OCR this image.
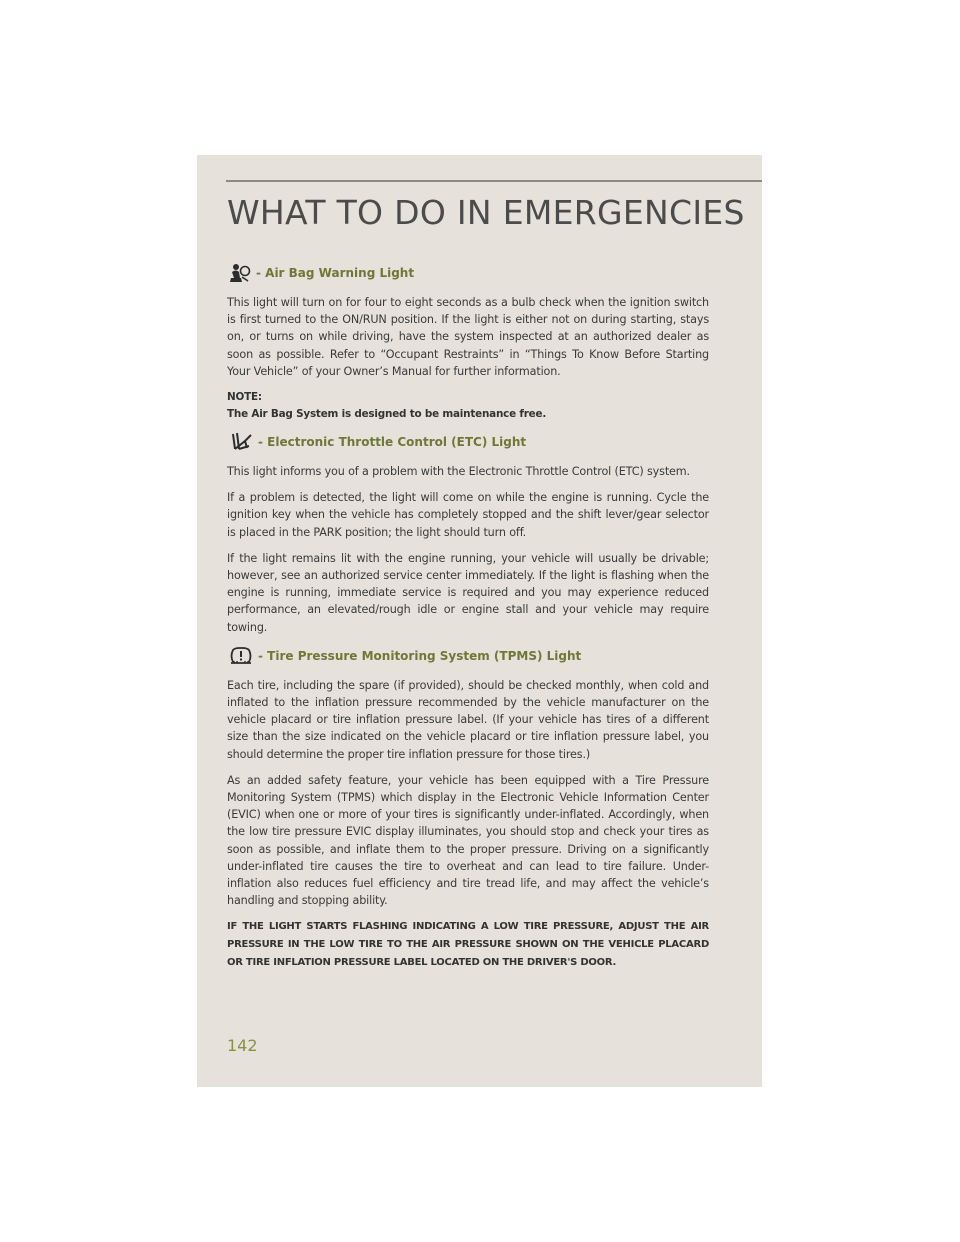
WHAT TO DO IN EMERGENCIES
- Air Bag Warning Light

This light will turn on for four to eight seconds as a bulb check when the ignition switch is first turned to the ON/RUN position. If the light is either not on during starting, stays on, or turns on while driving, have the system inspected at an authorized dealer as soon as possible. Refer to “Occupant Restraints” in “Things To Know Before Starting Your Vehicle” of your Owner’s Manual for further information.

NOTE:
The Air Bag System is designed to be maintenance free.
- Electronic Throttle Control (ETC) Light

This light informs you of a problem with the Electronic Throttle Control (ETC) system.

If a problem is detected, the light will come on while the engine is running. Cycle the ignition key when the vehicle has completely stopped and the shift lever/gear selector is placed in the PARK position; the light should turn off.

If the light remains lit with the engine running, your vehicle will usually be drivable; however, see an authorized service center immediately. If the light is flashing when the engine is running, immediate service is required and you may experience reduced performance, an elevated/rough idle or engine stall and your vehicle may require towing.

- Tire Pressure Monitoring System (TPMS) Light

Each tire, including the spare (if provided), should be checked monthly, when cold and inflated to the inflation pressure recommended by the vehicle manufacturer on the vehicle placard or tire inflation pressure label. (If your vehicle has tires of a different size than the size indicated on the vehicle placard or tire inflation pressure label, you should determine the proper tire inflation pressure for those tires.)

As an added safety feature, your vehicle has been equipped with a Tire Pressure Monitoring System (TPMS) which display in the Electronic Vehicle Information Center (EVIC) when one or more of your tires is significantly under-inflated. Accordingly, when the low tire pressure EVIC display illuminates, you should stop and check your tires as soon as possible, and inflate them to the proper pressure. Driving on a significantly under-inflated tire causes the tire to overheat and can lead to tire failure. Under-inflation also reduces fuel efficiency and tire tread life, and may affect the vehicle’s handling and stopping ability.

IF THE LIGHT STARTS FLASHING INDICATING A LOW TIRE PRESSURE, ADJUST THE AIR PRESSURE IN THE LOW TIRE TO THE AIR PRESSURE SHOWN ON THE VEHICLE PLACARD OR TIRE INFLATION PRESSURE LABEL LOCATED ON THE DRIVER'S DOOR.

142
